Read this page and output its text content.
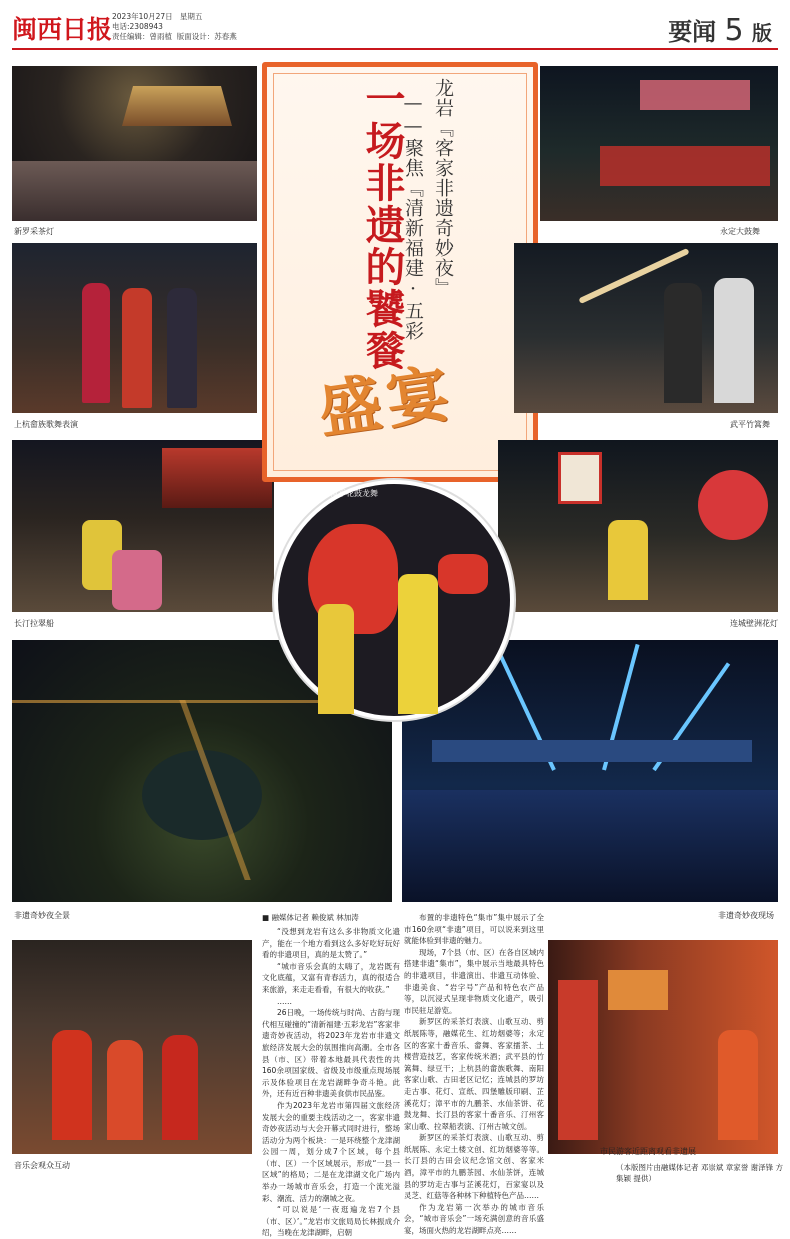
闽西日报 2023年10月27日 星期五
电话:2308943
责任编辑：曾雨植 版面设计：苏春燕	要闻 5 版
新罗采茶灯
上杭畲族歌舞表演
长汀拉翠船
非遗奇妙夜全景
音乐会观众互动
一场非遗的饕餮 龙岩『客家非遗奇妙夜』
——聚焦『清新福建·五彩
盛宴
永定大鼓舞
武平竹篙舞
连城壁洲花灯
非遗奇妙夜现场
市民游客近距离观看非遗展
漳平花鼓龙舞
■ 融媒体记者 赖俊斌 林加涛

“没想到龙岩有这么多非物质文化遗产，能在一个地方看到这么多好吃好玩好看的非遗项目，真的是太赞了。”

“城市音乐会真的太嗨了，龙岩既有文化底蕴，又富有青春活力，真的很适合来旅游，来走走看看，有很大的收获。”

……

26日晚，一场传统与时尚、古韵与现代相互碰撞的“清新福建·五彩龙岩”客家非遗奇妙夜活动，将2023年龙岩市非遗文旅经济发展大会的氛围推向高潮。全市各县（市、区）带着本地最具代表性的共160余项国家级、省级及市级重点现场展示及体验项目在龙岩湖畔争奇斗艳。此外，还有近百种非遗美食供市民品鉴。

作为2023年龙岩市第四届文旅经济发展大会的重要主线活动之一，客家非遗奇妙夜活动与大会开幕式同时进行，整场活动分为两个板块：一是环绕整个龙津湖公园一周，划分成7个区域，每个县（市、区）一个区域展示，形成“一县一区域”的格局；二是在龙津湖文化广场内举办一场城市音乐会，打造一个流光溢彩、潮流、活力的潮城之夜。

“可以说是‘一夜逛遍龙岩7个县（市、区）’。”龙岩市文旅局局长林振成介绍，当晚在龙津湖畔，启朝

布置的非遗特色“集市”集中展示了全市160余项“非遗”项目，可以说来到这里就能体验到非遗的魅力。

现场，7个县（市、区）在各自区域内搭建非遗“集市”，集中展示当地最具特色的非遗项目，非遗演出、非遗互动体验、非遗美食、“岩字号”产品和特色农产品等，以沉浸式呈现非物质文化遗产，吸引市民驻足游览。

新罗区的采茶灯表演、山歌互动、剪纸展陈等，融媒花生、红坊烟婆等；永定区的客家十番音乐、畲舞、客家擂茶、土楼营造技艺，客家传统米酒；武平县的竹篙舞、绿豆干；上杭县的畲族歌舞、南阳客家山歌、古田老区记忆；连城县的罗坊走古事、花灯、宣纸、四堡雕版印刷、芷溪花灯；漳平市的九鹏茶、水仙茶饼、花鼓龙舞、长汀县的客家十番音乐、汀州客家山歌、拉翠船表演、汀州古城文创。

新罗区的采茶灯表演、山歌互动、剪纸展陈、永定土楼文创、红坊烟婆等等。长汀县的古田会议纪念馆文创、客家米酒，漳平市的九鹏茶园、水仙茶饼，连城县的罗坊走古事与芷溪花灯，百家宴以及灵芝、红菇等各种林下种植特色产品……

作为龙岩第一次举办的城市音乐会，“城市音乐会”一场充满创意的音乐盛宴，场面火热的龙岩湖畔点亮……

（本版图片由融媒体记者 邓崇斌 章家誉 谢泽锋 方集颖 提供）
